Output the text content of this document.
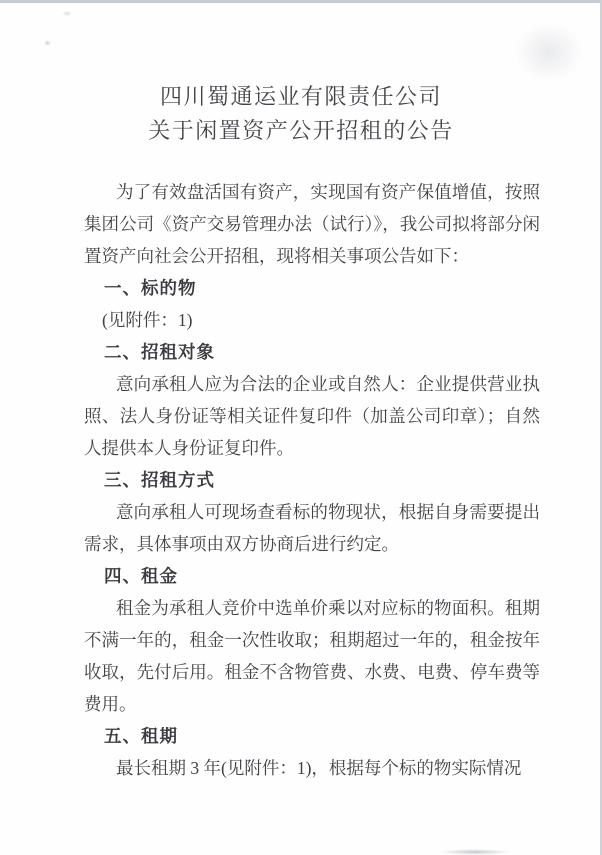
四川蜀通运业有限责任公司
关于闲置资产公开招租的公告

为了有效盘活国有资产，实现国有资产保值增值，按照集团公司《资产交易管理办法（试行）》，我公司拟将部分闲置资产向社会公开招租，现将相关事项公告如下：

一、标的物
(见附件：1)
二、招租对象

意向承租人应为合法的企业或自然人：企业提供营业执照、法人身份证等相关证件复印件（加盖公司印章）；自然人提供本人身份证复印件。

三、招租方式

意向承租人可现场查看标的物现状，根据自身需要提出需求，具体事项由双方协商后进行约定。

四、租金

租金为承租人竞价中选单价乘以对应标的物面积。租期不满一年的，租金一次性收取；租期超过一年的，租金按年收取，先付后用。租金不含物管费、水费、电费、停车费等费用。

五、租期

最长租期 3 年(见附件：1)，根据每个标的物实际情况
